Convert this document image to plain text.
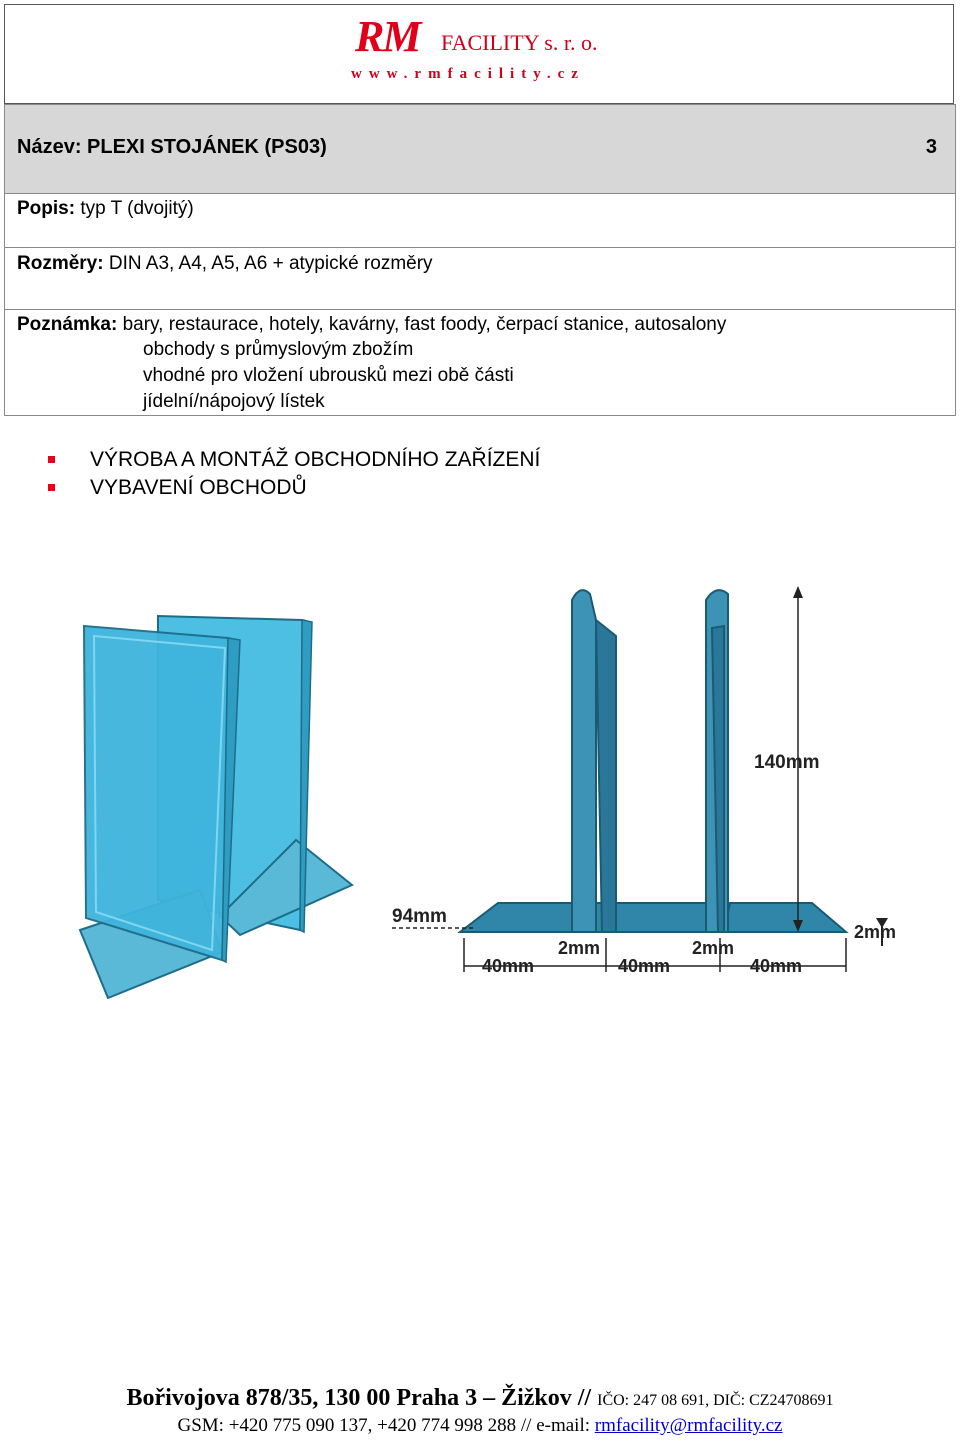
RM FACILITY s. r. o.
www.rmfacility.cz
Název: PLEXI STOJÁNEK (PS03)	3
Popis: typ T (dvojitý)
Rozměry: DIN A3, A4, A5, A6 + atypické rozměry
Poznámka: bary, restaurace, hotely, kavárny, fast foody, čerpací stanice, autosalony
obchody s průmyslovým zbožím
vhodné pro vložení ubrousků mezi obě části
jídelní/nápojový lístek
VÝROBA A MONTÁŽ OBCHODNÍHO ZAŘÍZENÍ
VYBAVENÍ OBCHODŮ
140mm
94mm
2mm	2mm
2mm
40mm	40mm	40mm
Bořivojova 878/35, 130 00 Praha 3 – Žižkov // IČO: 247 08 691, DIČ: CZ24708691
GSM: +420 775 090 137, +420 774 998 288 // e-mail: rmfacility@rmfacility.cz
